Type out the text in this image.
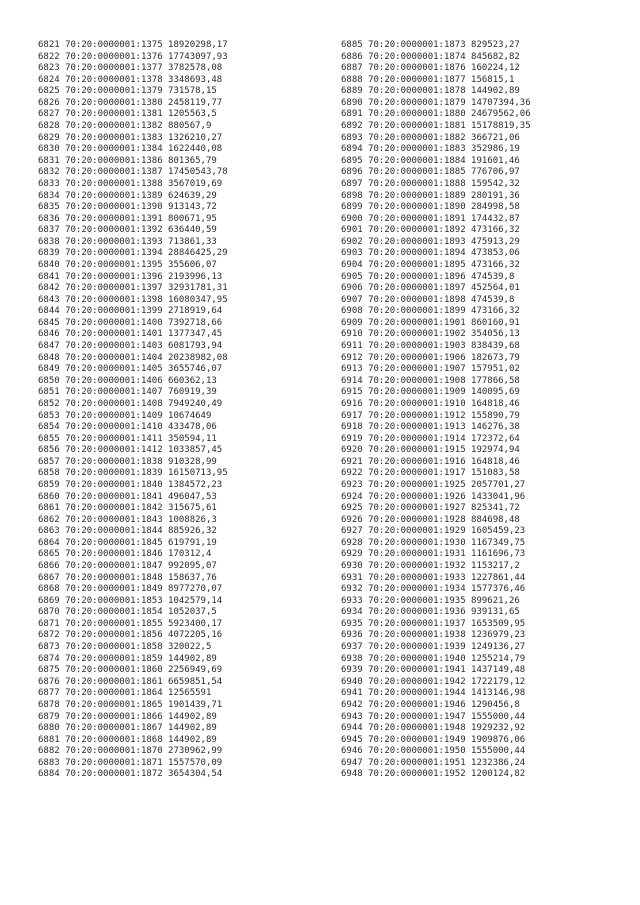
6821 70:20:0000001:1375 18920298,17
6822 70:20:0000001:1376 17743097,93
6823 70:20:0000001:1377 3782578,08
6824 70:20:0000001:1378 3348693,48
6825 70:20:0000001:1379 731578,15
6826 70:20:0000001:1380 2458119,77
6827 70:20:0000001:1381 1205563,5
6828 70:20:0000001:1382 880567,9
6829 70:20:0000001:1383 1326210,27
6830 70:20:0000001:1384 1622440,08
6831 70:20:0000001:1386 801365,79
6832 70:20:0000001:1387 17450543,78
6833 70:20:0000001:1388 3567019,69
6834 70:20:0000001:1389 624639,29
6835 70:20:0000001:1390 913143,72
6836 70:20:0000001:1391 800671,95
6837 70:20:0000001:1392 636440,59
6838 70:20:0000001:1393 713861,33
6839 70:20:0000001:1394 28846425,29
6840 70:20:0000001:1395 355606,07
6841 70:20:0000001:1396 2193996,13
6842 70:20:0000001:1397 32931781,31
6843 70:20:0000001:1398 16080347,95
6844 70:20:0000001:1399 2718919,64
6845 70:20:0000001:1400 7392718,66
6846 70:20:0000001:1401 1377347,45
6847 70:20:0000001:1403 6081793,94
6848 70:20:0000001:1404 20238982,08
6849 70:20:0000001:1405 3655746,07
6850 70:20:0000001:1406 660362,13
6851 70:20:0000001:1407 760919,39
6852 70:20:0000001:1408 7949240,49
6853 70:20:0000001:1409 10674649
6854 70:20:0000001:1410 433478,06
6855 70:20:0000001:1411 350594,11
6856 70:20:0000001:1412 1033857,45
6857 70:20:0000001:1838 910328,99
6858 70:20:0000001:1839 16150713,95
6859 70:20:0000001:1840 1384572,23
6860 70:20:0000001:1841 496047,53
6861 70:20:0000001:1842 315675,61
6862 70:20:0000001:1843 1008826,3
6863 70:20:0000001:1844 885926,32
6864 70:20:0000001:1845 619791,19
6865 70:20:0000001:1846 170312,4
6866 70:20:0000001:1847 992095,07
6867 70:20:0000001:1848 158637,76
6868 70:20:0000001:1849 8977270,07
6869 70:20:0000001:1853 1042579,14
6870 70:20:0000001:1854 1052037,5
6871 70:20:0000001:1855 5923400,17
6872 70:20:0000001:1856 4072205,16
6873 70:20:0000001:1858 320022,5
6874 70:20:0000001:1859 144902,89
6875 70:20:0000001:1860 2256949,69
6876 70:20:0000001:1861 6659851,54
6877 70:20:0000001:1864 12565591
6878 70:20:0000001:1865 1901439,71
6879 70:20:0000001:1866 144902,89
6880 70:20:0000001:1867 144902,89
6881 70:20:0000001:1868 144902,89
6882 70:20:0000001:1870 2730962,99
6883 70:20:0000001:1871 1557570,09
6884 70:20:0000001:1872 3654304,54
6885 70:20:0000001:1873 829523,27
6886 70:20:0000001:1874 845682,82
6887 70:20:0000001:1876 160224,12
6888 70:20:0000001:1877 156815,1
6889 70:20:0000001:1878 144902,89
6890 70:20:0000001:1879 14707394,36
6891 70:20:0000001:1880 24679562,06
6892 70:20:0000001:1881 15178819,35
6893 70:20:0000001:1882 366721,06
6894 70:20:0000001:1883 352986,19
6895 70:20:0000001:1884 191601,46
6896 70:20:0000001:1885 776706,97
6897 70:20:0000001:1888 159542,32
6898 70:20:0000001:1889 280191,36
6899 70:20:0000001:1890 284998,58
6900 70:20:0000001:1891 174432,87
6901 70:20:0000001:1892 473166,32
6902 70:20:0000001:1893 475913,29
6903 70:20:0000001:1894 473853,06
6904 70:20:0000001:1895 473166,32
6905 70:20:0000001:1896 474539,8
6906 70:20:0000001:1897 452564,01
6907 70:20:0000001:1898 474539,8
6908 70:20:0000001:1899 473166,32
6909 70:20:0000001:1901 860160,91
6910 70:20:0000001:1902 354056,13
6911 70:20:0000001:1903 838439,68
6912 70:20:0000001:1906 182673,79
6913 70:20:0000001:1907 157951,02
6914 70:20:0000001:1908 177866,58
6915 70:20:0000001:1909 140095,69
6916 70:20:0000001:1910 164818,46
6917 70:20:0000001:1912 155890,79
6918 70:20:0000001:1913 146276,38
6919 70:20:0000001:1914 172372,64
6920 70:20:0000001:1915 192974,94
6921 70:20:0000001:1916 164818,46
6922 70:20:0000001:1917 151083,58
6923 70:20:0000001:1925 2057701,27
6924 70:20:0000001:1926 1433041,96
6925 70:20:0000001:1927 825341,72
6926 70:20:0000001:1928 884698,48
6927 70:20:0000001:1929 1605459,23
6928 70:20:0000001:1930 1167349,75
6929 70:20:0000001:1931 1161696,73
6930 70:20:0000001:1932 1153217,2
6931 70:20:0000001:1933 1227861,44
6932 70:20:0000001:1934 1577376,46
6933 70:20:0000001:1935 899621,26
6934 70:20:0000001:1936 939131,65
6935 70:20:0000001:1937 1653509,95
6936 70:20:0000001:1938 1236979,23
6937 70:20:0000001:1939 1249136,27
6938 70:20:0000001:1940 1255214,79
6939 70:20:0000001:1941 1437149,48
6940 70:20:0000001:1942 1722179,12
6941 70:20:0000001:1944 1413146,98
6942 70:20:0000001:1946 1290456,8
6943 70:20:0000001:1947 1555000,44
6944 70:20:0000001:1948 1929232,92
6945 70:20:0000001:1949 1909876,06
6946 70:20:0000001:1950 1555000,44
6947 70:20:0000001:1951 1232386,24
6948 70:20:0000001:1952 1200124,82
